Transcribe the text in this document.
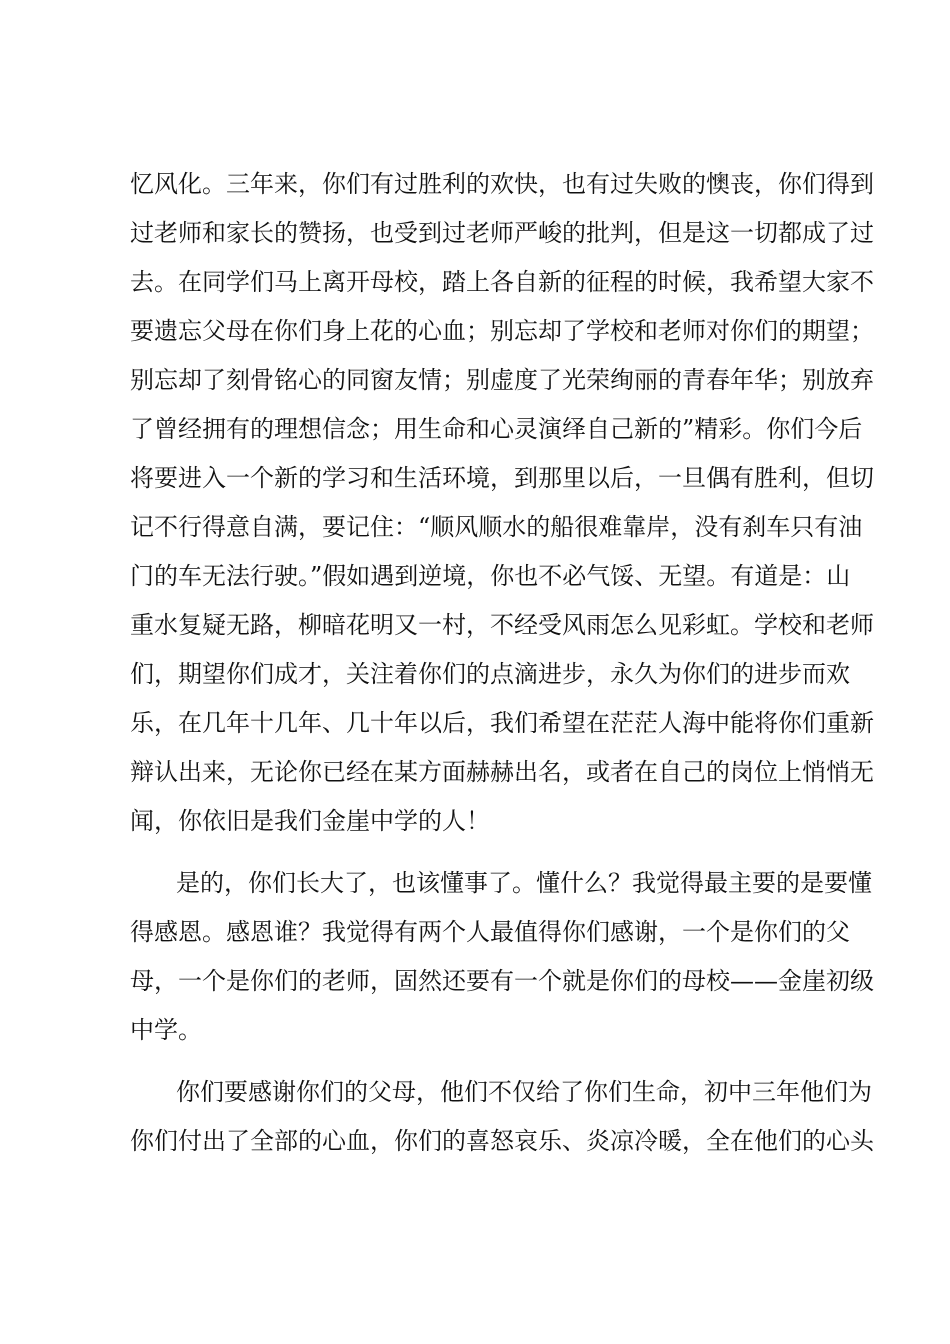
忆风化。三年来，你们有过胜利的欢快，也有过失败的懊丧，你们得到
过老师和家长的赞扬，也受到过老师严峻的批判，但是这一切都成了过
去。在同学们马上离开母校，踏上各自新的征程的时候，我希望大家不
要遗忘父母在你们身上花的心血；别忘却了学校和老师对你们的期望；
别忘却了刻骨铭心的同窗友情；别虚度了光荣绚丽的青春年华；别放弃
了曾经拥有的理想信念；用生命和心灵演绎自己新的”精彩。你们今后
将要进入一个新的学习和生活环境，到那里以后，一旦偶有胜利，但切
记不行得意自满，要记住：“顺风顺水的船很难靠岸，没有刹车只有油
门的车无法行驶。”假如遇到逆境，你也不必气馁、无望。有道是：山
重水复疑无路，柳暗花明又一村，不经受风雨怎么见彩虹。学校和老师
们，期望你们成才，关注着你们的点滴进步，永久为你们的进步而欢
乐，在几年十几年、几十年以后，我们希望在茫茫人海中能将你们重新
辩认出来，无论你已经在某方面赫赫出名，或者在自己的岗位上悄悄无
闻，你依旧是我们金崖中学的人！
是的，你们长大了，也该懂事了。懂什么？我觉得最主要的是要懂
得感恩。感恩谁？我觉得有两个人最值得你们感谢，一个是你们的父
母，一个是你们的老师，固然还要有一个就是你们的母校——金崖初级
中学。
你们要感谢你们的父母，他们不仅给了你们生命，初中三年他们为
你们付出了全部的心血，你们的喜怒哀乐、炎凉冷暖，全在他们的心头
